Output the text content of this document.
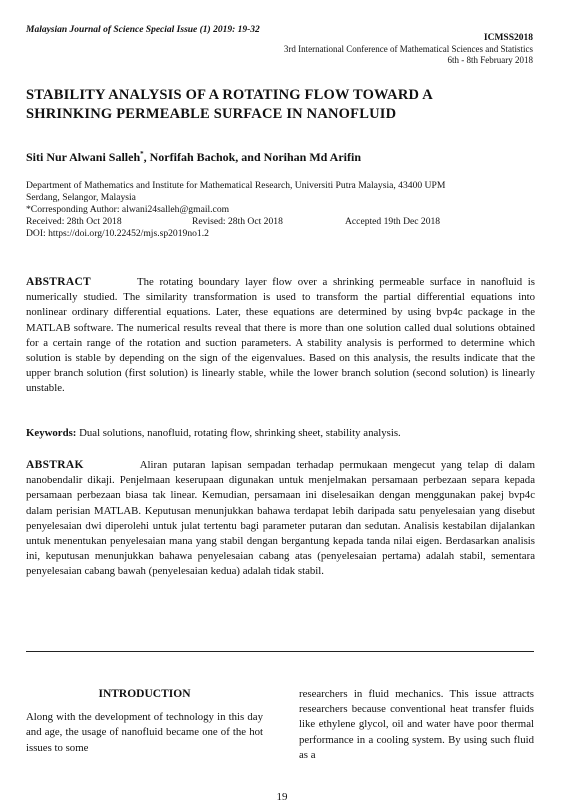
Malaysian Journal of Science Special Issue (1) 2019: 19-32
ICMSS2018
3rd International Conference of Mathematical Sciences and Statistics
6th - 8th February 2018
STABILITY ANALYSIS OF A ROTATING FLOW TOWARD A
SHRINKING PERMEABLE SURFACE IN NANOFLUID
Siti Nur Alwani Salleh*, Norfifah Bachok, and Norihan Md Arifin
Department of Mathematics and Institute for Mathematical Research, Universiti Putra Malaysia, 43400 UPM
Serdang, Selangor, Malaysia
*Corresponding Author: alwani24salleh@gmail.com
Received: 28th Oct 2018	Revised: 28th Oct 2018	Accepted 19th Dec 2018
DOI: https://doi.org/10.22452/mjs.sp2019no1.2
ABSTRACT	The rotating boundary layer flow over a shrinking permeable surface in nanofluid is numerically studied. The similarity transformation is used to transform the partial differential equations into nonlinear ordinary differential equations. Later, these equations are determined by using bvp4c package in the MATLAB software. The numerical results reveal that there is more than one solution called dual solutions obtained for a certain range of the rotation and suction parameters. A stability analysis is performed to determine which solution is stable by depending on the sign of the eigenvalues. Based on this analysis, the results indicate that the upper branch solution (first solution) is linearly stable, while the lower branch solution (second solution) is linearly unstable.
Keywords: Dual solutions, nanofluid, rotating flow, shrinking sheet, stability analysis.
ABSTRAK	Aliran putaran lapisan sempadan terhadap permukaan mengecut yang telap di dalam nanobendalir dikaji. Penjelmaan keserupaan digunakan untuk menjelmakan persamaan perbezaan separa kepada persamaan perbezaan biasa tak linear. Kemudian, persamaan ini diselesaikan dengan menggunakan pakej bvp4c dalam perisian MATLAB. Keputusan menunjukkan bahawa terdapat lebih daripada satu penyelesaian yang disebut penyelesaian dwi diperolehi untuk julat tertentu bagi parameter putaran dan sedutan. Analisis kestabilan dijalankan untuk menentukan penyelesaian mana yang stabil dengan bergantung kepada tanda nilai eigen. Berdasarkan analisis ini, keputusan menunjukkan bahawa penyelesaian cabang atas (penyelesaian pertama) adalah stabil, sementara penyelesaian cabang bawah (penyelesaian kedua) adalah tidak stabil.
INTRODUCTION
Along with the development of technology in this day and age, the usage of nanofluid became one of the hot issues to some
researchers in fluid mechanics. This issue attracts researchers because conventional heat transfer fluids like ethylene glycol, oil and water have poor thermal performance in a cooling system. By using such fluid as a
19
